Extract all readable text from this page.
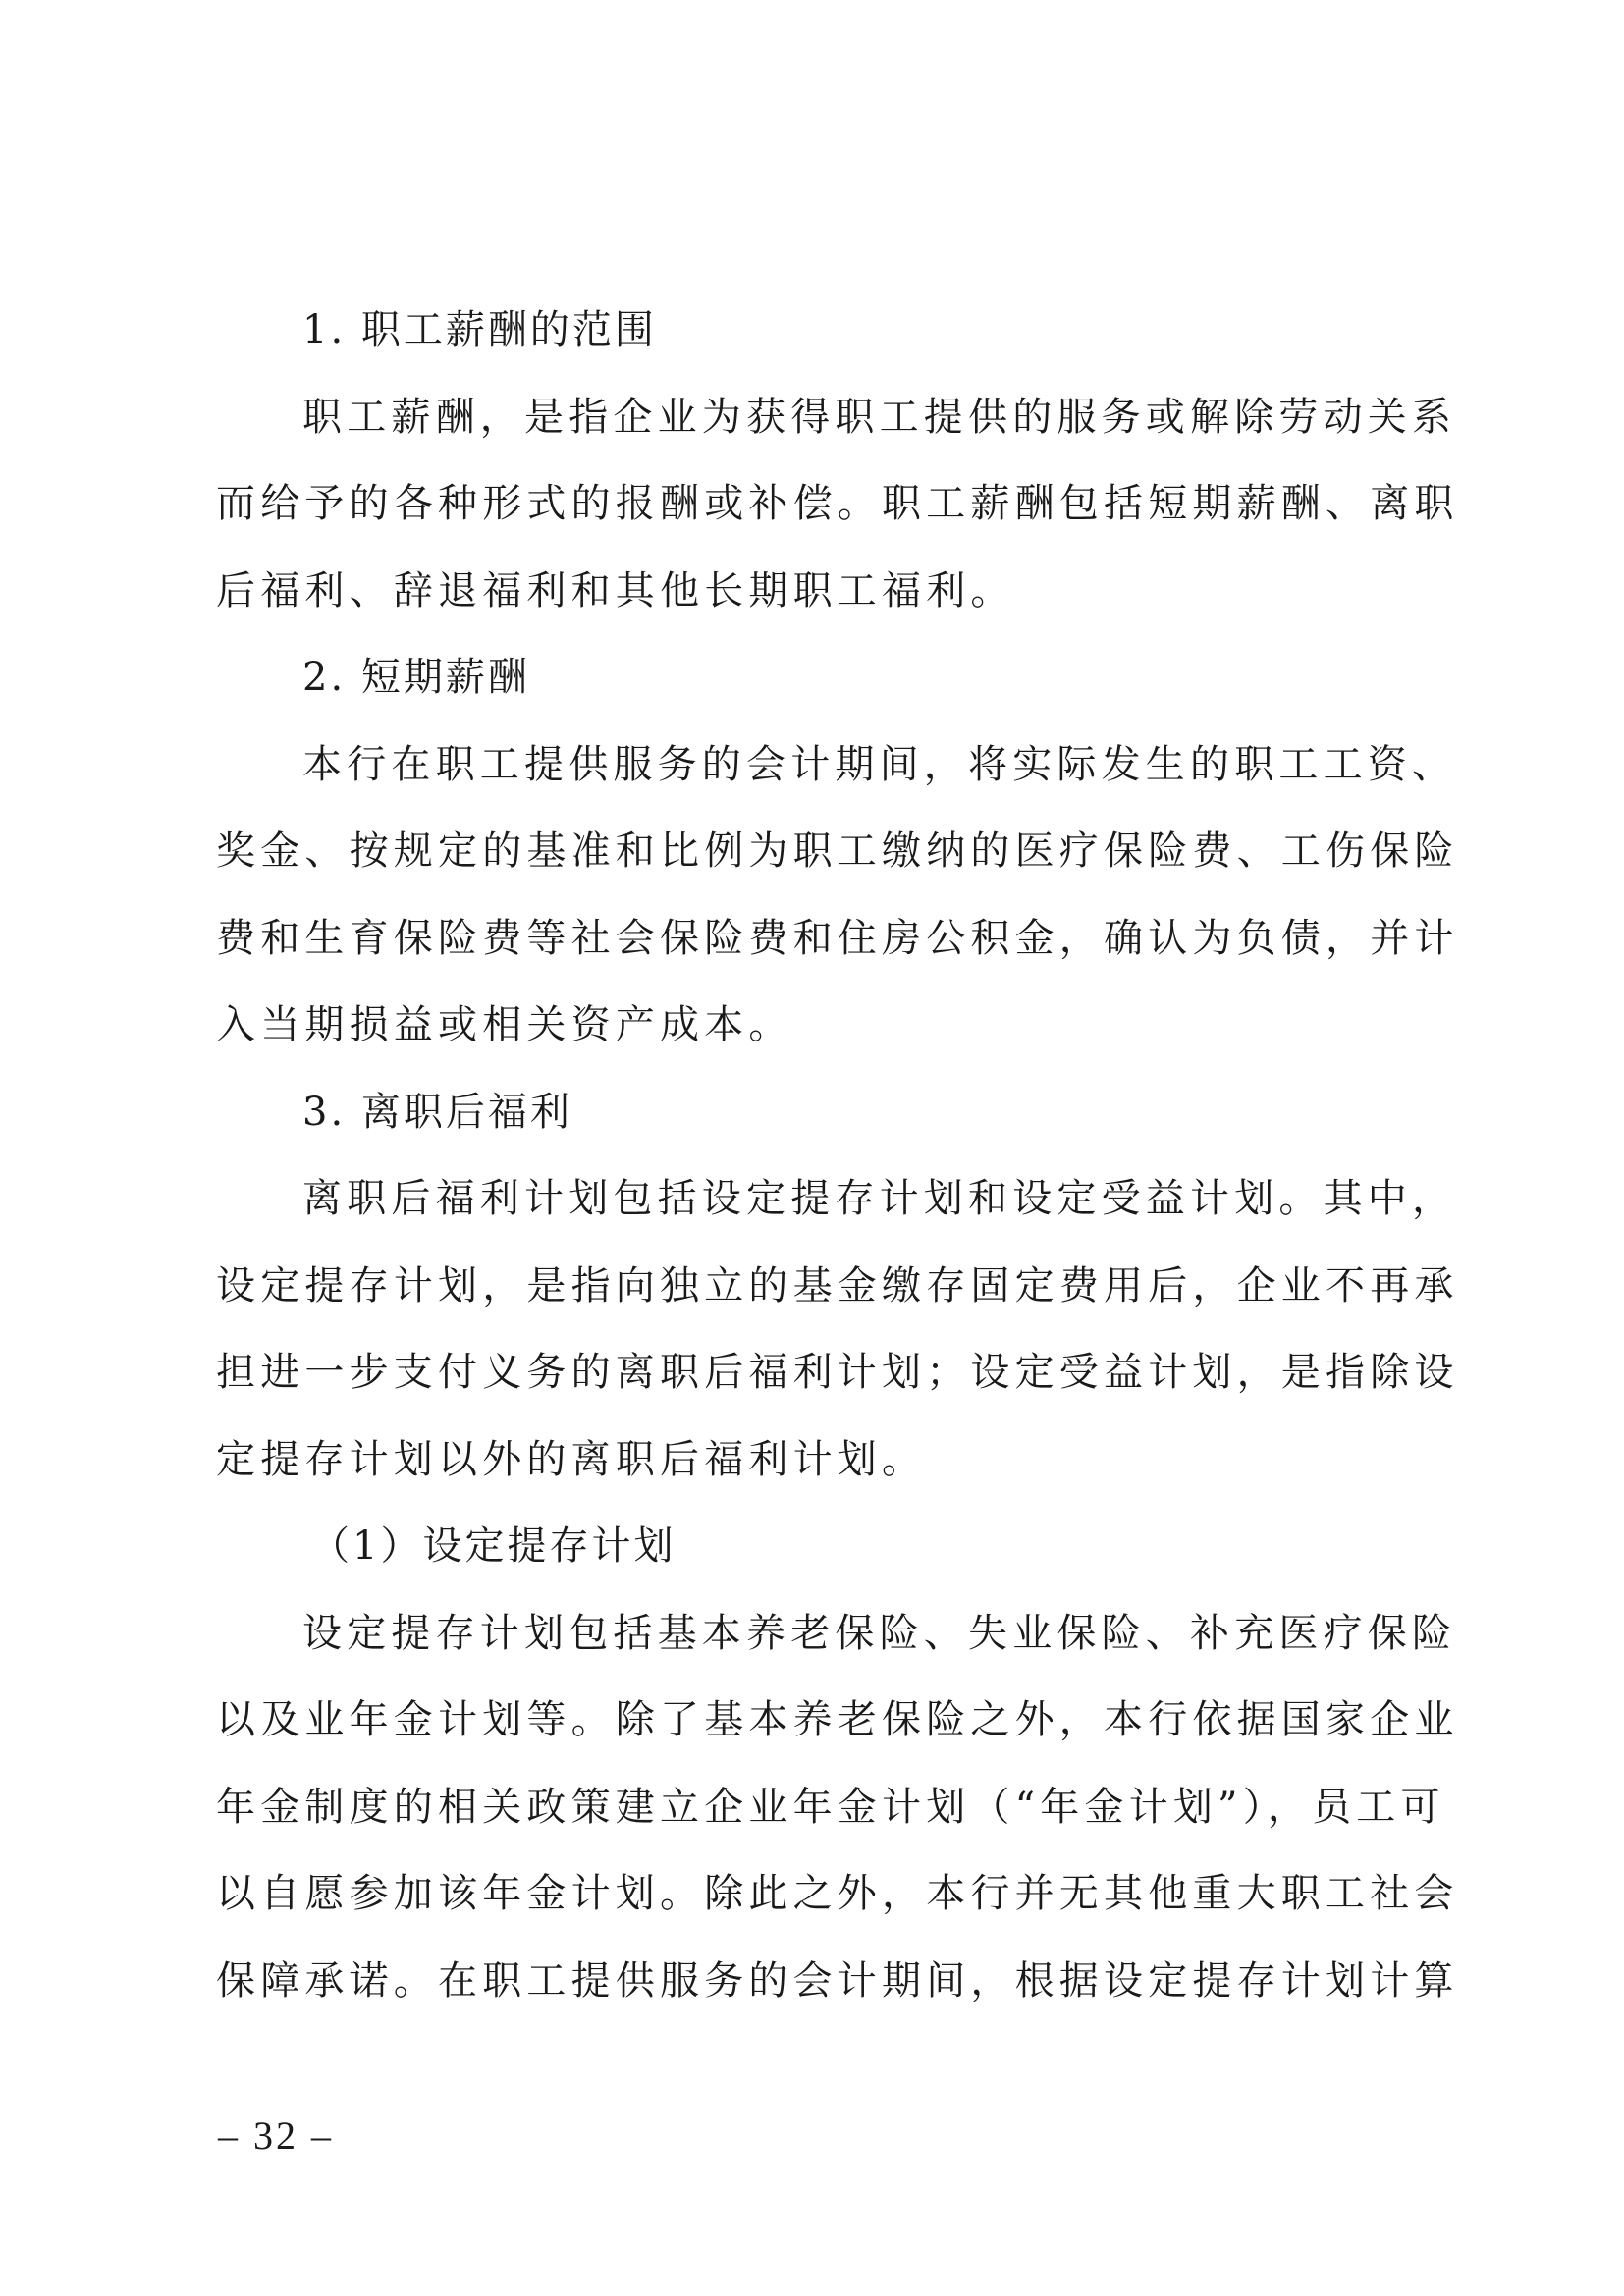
1. 职工薪酬的范围
职工薪酬，是指企业为获得职工提供的服务或解除劳动关系
而给予的各种形式的报酬或补偿。职工薪酬包括短期薪酬、离职
后福利、辞退福利和其他长期职工福利。
2. 短期薪酬
本行在职工提供服务的会计期间，将实际发生的职工工资、
奖金、按规定的基准和比例为职工缴纳的医疗保险费、工伤保险
费和生育保险费等社会保险费和住房公积金，确认为负债，并计
入当期损益或相关资产成本。
3. 离职后福利
离职后福利计划包括设定提存计划和设定受益计划。其中，
设定提存计划，是指向独立的基金缴存固定费用后，企业不再承
担进一步支付义务的离职后福利计划；设定受益计划，是指除设
定提存计划以外的离职后福利计划。
（1）设定提存计划
设定提存计划包括基本养老保险、失业保险、补充医疗保险
以及业年金计划等。除了基本养老保险之外，本行依据国家企业
年金制度的相关政策建立企业年金计划（“年金计划”），员工可
以自愿参加该年金计划。除此之外，本行并无其他重大职工社会
保障承诺。在职工提供服务的会计期间，根据设定提存计划计算
– 32 –
